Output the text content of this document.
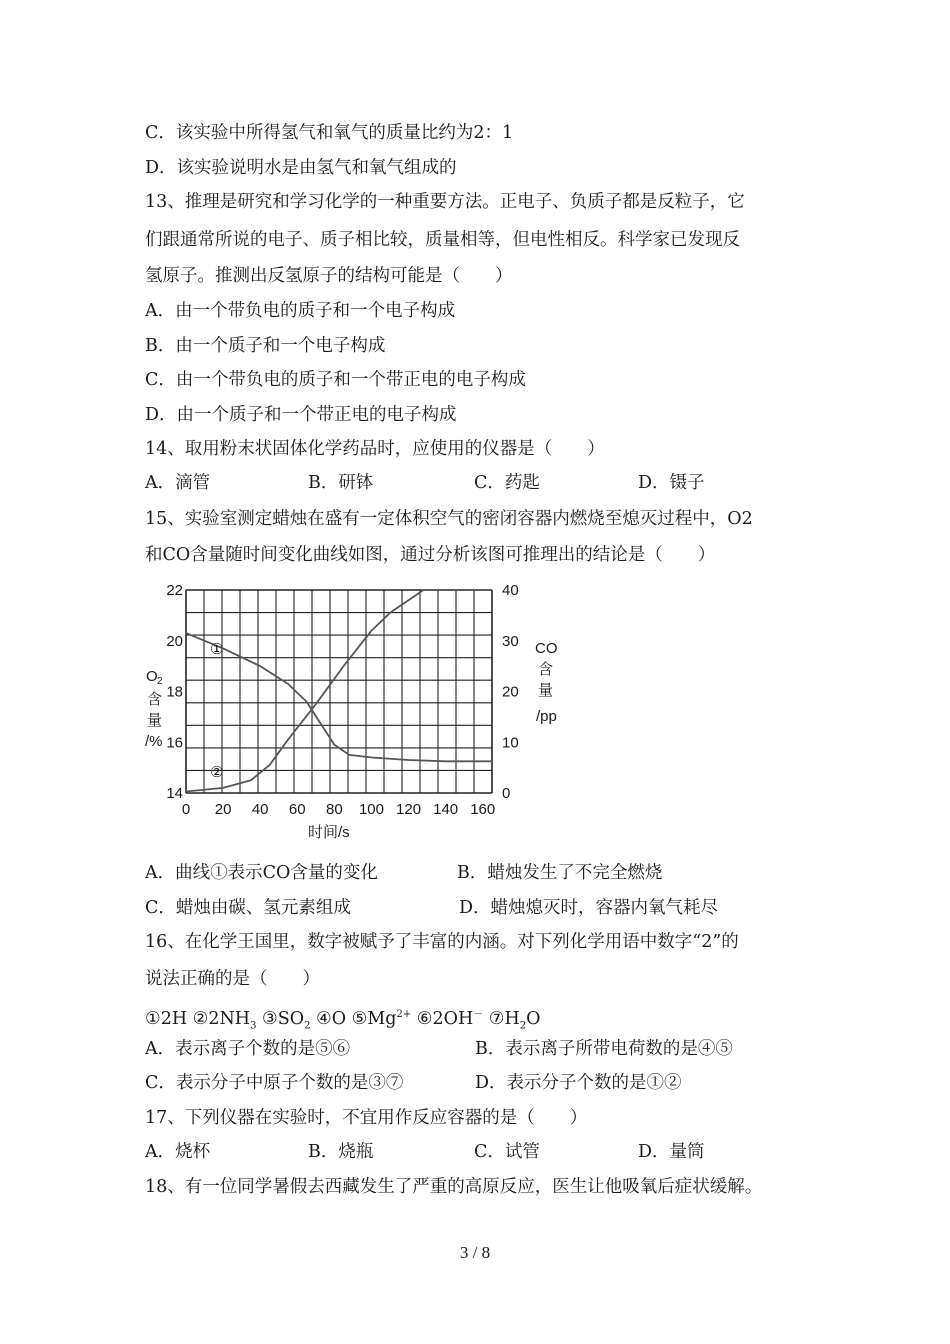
C．该实验中所得氢气和氧气的质量比约为2：1
D．该实验说明水是由氢气和氧气组成的
13、推理是研究和学习化学的一种重要方法。正电子、负质子都是反粒子，它
们跟通常所说的电子、质子相比较，质量相等，但电性相反。科学家已发现反
氢原子。推测出反氢原子的结构可能是（　　）
A．由一个带负电的质子和一个电子构成
B．由一个质子和一个电子构成
C．由一个带负电的质子和一个带正电的电子构成
D．由一个质子和一个带正电的电子构成
14、取用粉末状固体化学药品时，应使用的仪器是（　　）
A．滴管	B．研钵	C．药匙	D．镊子
15、实验室测定蜡烛在盛有一定体积空气的密闭容器内燃烧至熄灭过程中，O2
和CO含量随时间变化曲线如图，通过分析该图可推理出的结论是（　　）
0 20 40 60 80 100 120 140 160
14
16
18
20
22
0
10
20
30
40
O 2
含
量
/%
CO
含
量
/pp
时间/s
①
②
A．曲线①表示CO含量的变化	B．蜡烛发生了不完全燃烧
C．蜡烛由碳、氢元素组成	D．蜡烛熄灭时，容器内氧气耗尽
16、在化学王国里，数字被赋予了丰富的内涵。对下列化学用语中数字“2”的
说法正确的是（　　）
①2H $②2NH_3$ $③SO_2$ ④O $⑤Mg^{2+}$ ⑥2OH－ $⑦H_2O$
A．表示离子个数的是⑤⑥	B．表示离子所带电荷数的是④⑤
C．表示分子中原子个数的是③⑦	D．表示分子个数的是①②
17、下列仪器在实验时，不宜用作反应容器的是（　　）
A．烧杯	B．烧瓶	C．试管	D．量筒
18、有一位同学暑假去西藏发生了严重的高原反应，医生让他吸氧后症状缓解。
3 / 8
